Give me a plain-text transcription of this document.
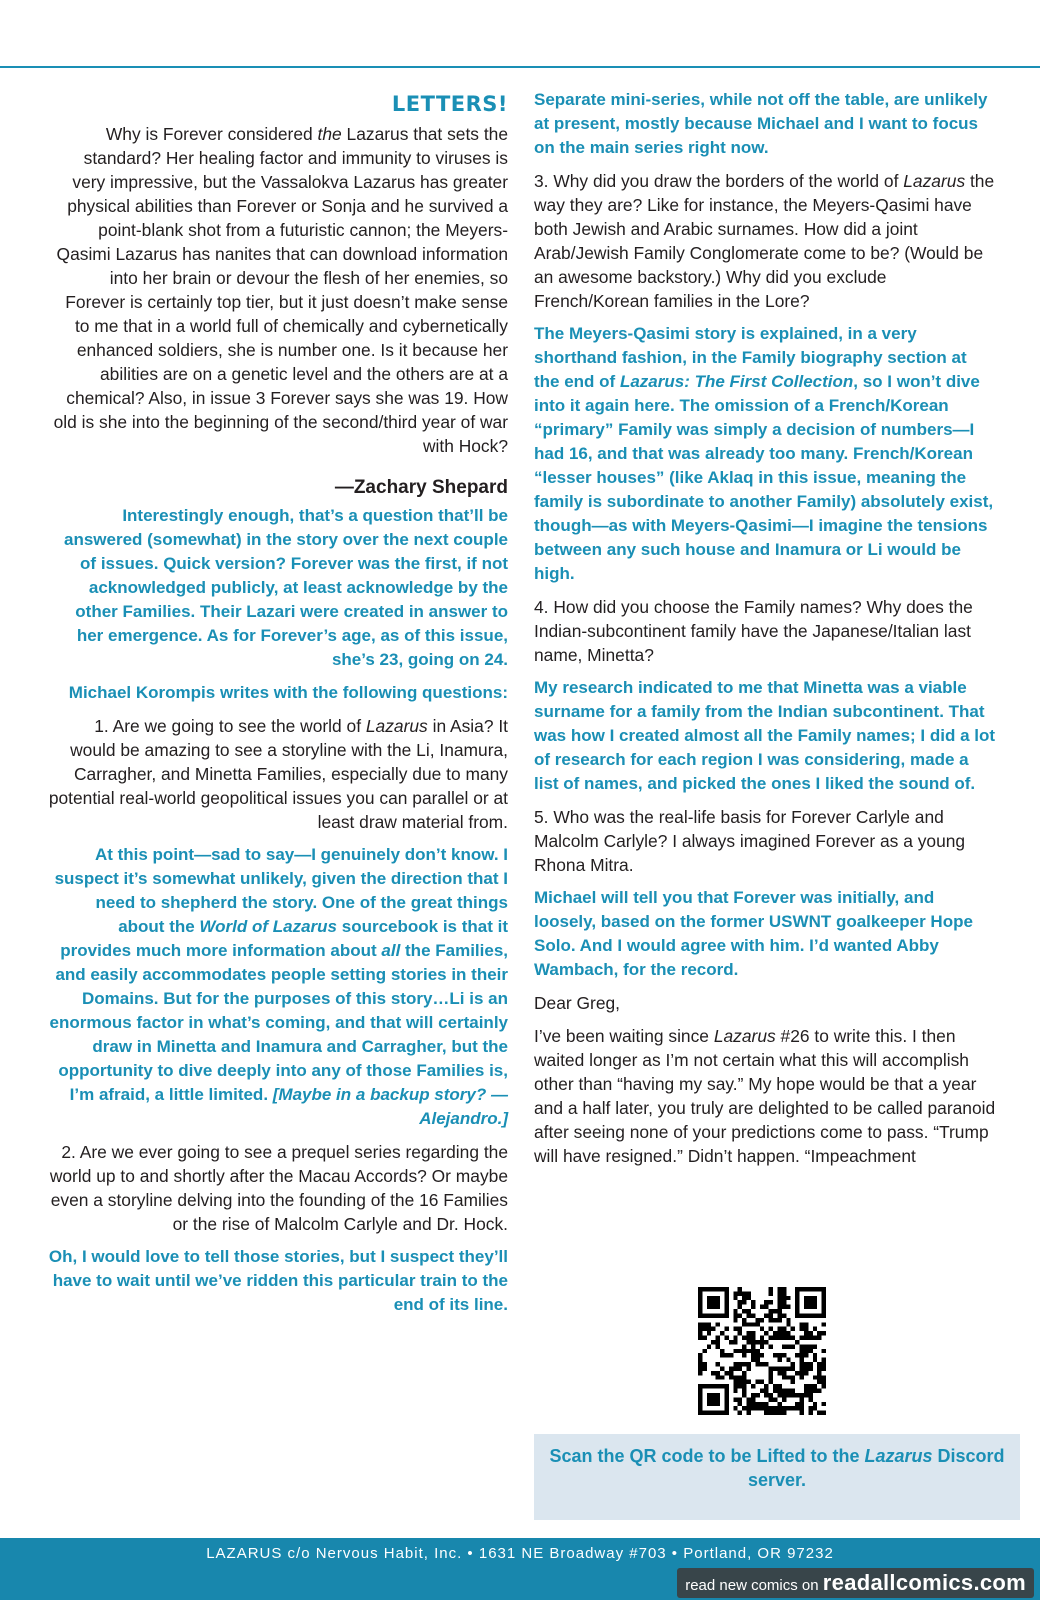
LETTERS!

Why is Forever considered the Lazarus that sets the standard? Her healing factor and immunity to viruses is very impressive, but the Vassalokva Lazarus has greater physical abilities than Forever or Sonja and he survived a point-blank shot from a futuristic cannon; the Meyers-Qasimi Lazarus has nanites that can download information into her brain or devour the flesh of her enemies, so Forever is certainly top tier, but it just doesn’t make sense to me that in a world full of chemically and cybernetically enhanced soldiers, she is number one. Is it because her abilities are on a genetic level and the others are at a chemical? Also, in issue 3 Forever says she was 19. How old is she into the beginning of the second/third year of war with Hock?

—Zachary Shepard

Interestingly enough, that’s a question that’ll be answered (somewhat) in the story over the next couple of issues. Quick version? Forever was the first, if not acknowledged publicly, at least acknowledge by the other Families. Their Lazari were created in answer to her emergence. As for Forever’s age, as of this issue, she’s 23, going on 24.

Michael Korompis writes with the following questions:

1. Are we going to see the world of Lazarus in Asia? It would be amazing to see a storyline with the Li, Inamura, Carragher, and Minetta Families, especially due to many potential real-world geopolitical issues you can parallel or at least draw material from.

At this point—sad to say—I genuinely don’t know. I suspect it’s somewhat unlikely, given the direction that I need to shepherd the story. One of the great things about the World of Lazarus sourcebook is that it provides much more information about all the Families, and easily accommodates people setting stories in their Domains. But for the purposes of this story…Li is an enormous factor in what’s coming, and that will certainly draw in Minetta and Inamura and Carragher, but the opportunity to dive deeply into any of those Families is, I’m afraid, a little limited. [Maybe in a backup story? —Alejandro.]

2. Are we ever going to see a prequel series regarding the world up to and shortly after the Macau Accords? Or maybe even a storyline delving into the founding of the 16 Families or the rise of Malcolm Carlyle and Dr. Hock.

Oh, I would love to tell those stories, but I suspect they’ll have to wait until we’ve ridden this particular train to the end of its line.

Separate mini-series, while not off the table, are unlikely at present, mostly because Michael and I want to focus on the main series right now.

3. Why did you draw the borders of the world of Lazarus the way they are? Like for instance, the Meyers-Qasimi have both Jewish and Arabic surnames. How did a joint Arab/Jewish Family Conglomerate come to be? (Would be an awesome backstory.) Why did you exclude French/Korean families in the Lore?

The Meyers-Qasimi story is explained, in a very shorthand fashion, in the Family biography section at the end of Lazarus: The First Collection, so I won’t dive into it again here. The omission of a French/Korean “primary” Family was simply a decision of numbers—I had 16, and that was already too many. French/Korean “lesser houses” (like Aklaq in this issue, meaning the family is subordinate to another Family) absolutely exist, though—as with Meyers-Qasimi—I imagine the tensions between any such house and Inamura or Li would be high.

4. How did you choose the Family names? Why does the Indian-subcontinent family have the Japanese/Italian last name, Minetta?

My research indicated to me that Minetta was a viable surname for a family from the Indian subcontinent. That was how I created almost all the Family names; I did a lot of research for each region I was considering, made a list of names, and picked the ones I liked the sound of.

5. Who was the real-life basis for Forever Carlyle and Malcolm Carlyle? I always imagined Forever as a young Rhona Mitra.

Michael will tell you that Forever was initially, and loosely, based on the former USWNT goalkeeper Hope Solo. And I would agree with him. I’d wanted Abby Wambach, for the record.

Dear Greg,

I’ve been waiting since Lazarus #26 to write this. I then waited longer as I’m not certain what this will accomplish other than “having my say.” My hope would be that a year and a half later, you truly are delighted to be called paranoid after seeing none of your predictions come to pass. “Trump will have resigned.” Didn’t happen. “Impeachment

Scan the QR code to be Lifted to the Lazarus Discord server.

LAZARUS c/o Nervous Habit, Inc. • 1631 NE Broadway #703 • Portland, OR 97232
read new comics on readallcomics.com
